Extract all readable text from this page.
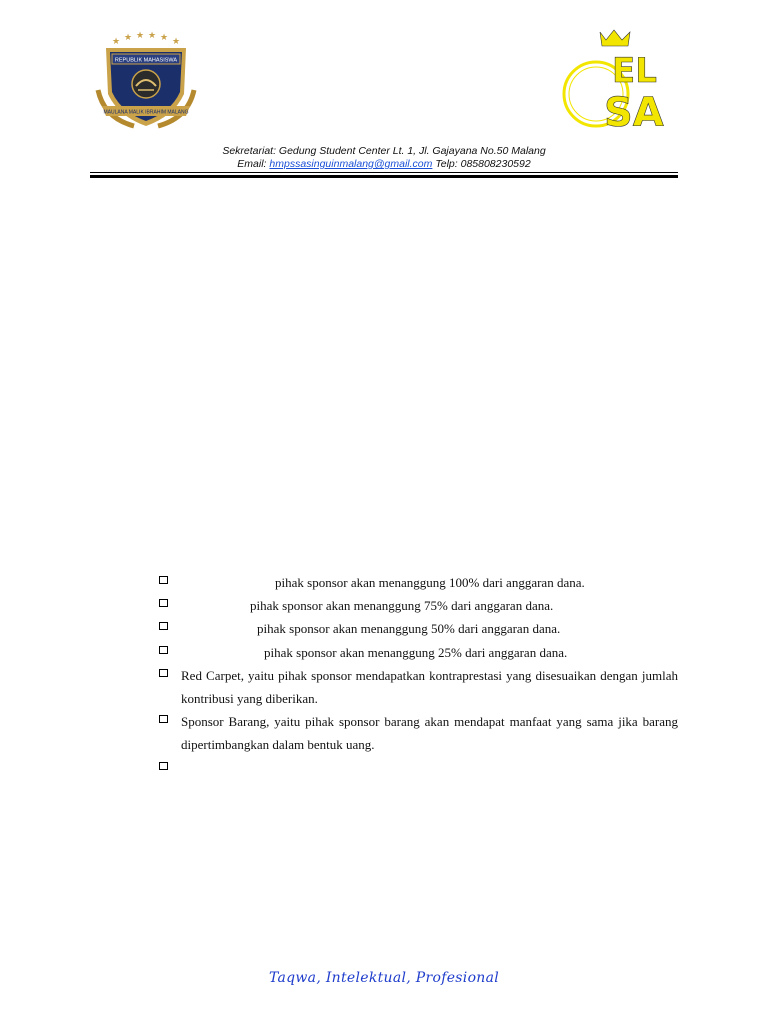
★ ★ ★ ★ ★ ★
REPUBLIK MAHASISWA
MAULANA MALIK IBRAHIM MALANG
EL
SA
Sekretariat: Gedung Student Center Lt. 1, Jl. Gajayana No.50 Malang
Email: hmpssasinguinmalang@gmail.com Telp: 085808230592
pihak sponsor akan menanggung 100% dari anggaran dana.
pihak sponsor akan menanggung 75% dari anggaran dana.
pihak sponsor akan menanggung 50% dari anggaran dana.
pihak sponsor akan menanggung 25% dari anggaran dana.
Red Carpet, yaitu pihak sponsor mendapatkan kontraprestasi yang disesuaikan dengan jumlah kontribusi yang diberikan.
Sponsor Barang, yaitu pihak sponsor barang akan mendapat manfaat yang sama jika barang dipertimbangkan dalam bentuk uang.
Taqwa, Intelektual, Profesional
